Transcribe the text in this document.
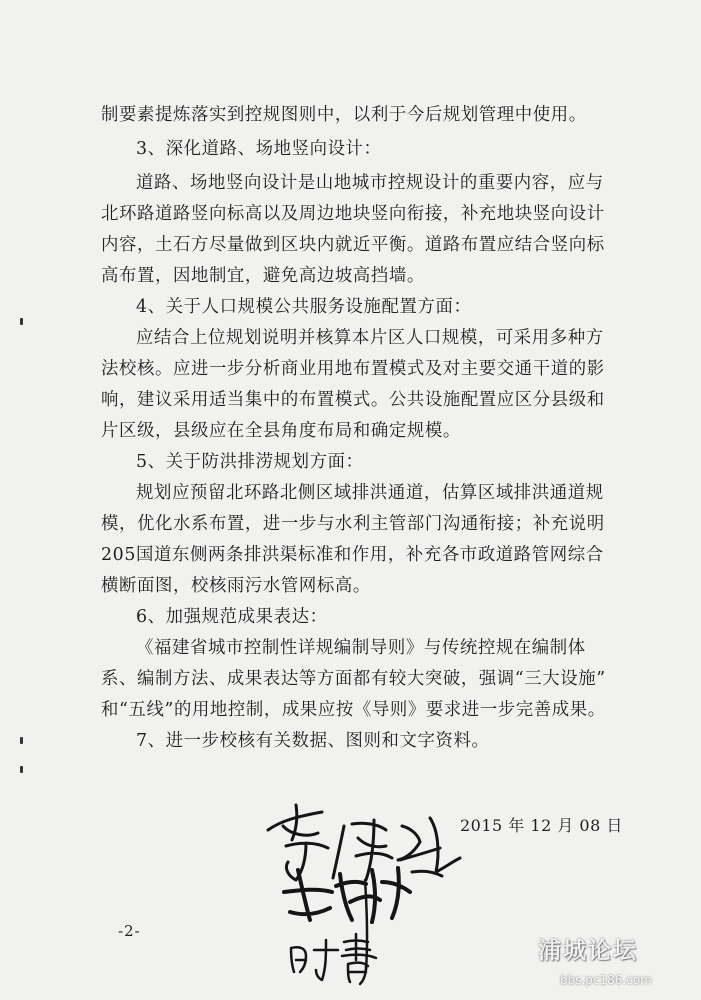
制要素提炼落实到控规图则中，以利于今后规划管理中使用。
3、深化道路、场地竖向设计：
道路、场地竖向设计是山地城市控规设计的重要内容，应与
北环路道路竖向标高以及周边地块竖向衔接，补充地块竖向设计
内容，土石方尽量做到区块内就近平衡。道路布置应结合竖向标
高布置，因地制宜，避免高边坡高挡墙。
4、关于人口规模公共服务设施配置方面：
应结合上位规划说明并核算本片区人口规模，可采用多种方
法校核。应进一步分析商业用地布置模式及对主要交通干道的影
响，建议采用适当集中的布置模式。公共设施配置应区分县级和
片区级，县级应在全县角度布局和确定规模。
5、关于防洪排涝规划方面：
规划应预留北环路北侧区域排洪通道，估算区域排洪通道规
模，优化水系布置，进一步与水利主管部门沟通衔接；补充说明
205国道东侧两条排洪渠标准和作用，补充各市政道路管网综合
横断面图，校核雨污水管网标高。
6、加强规范成果表达：
《福建省城市控制性详规编制导则》与传统控规在编制体
系、编制方法、成果表达等方面都有较大突破，强调“三大设施”
和“五线”的用地控制，成果应按《导则》要求进一步完善成果。
7、进一步校核有关数据、图则和文字资料。
2015 年 12 月 08 日
-2-
浦城论坛
bbs.pc186.com
